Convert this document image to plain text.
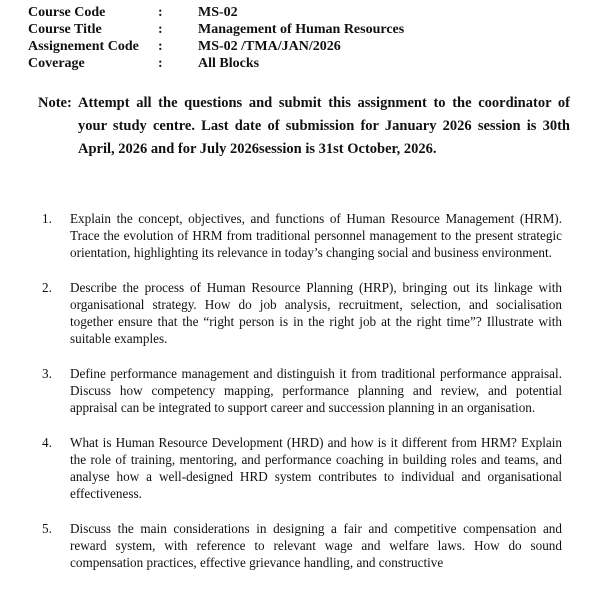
Course Code	:	MS-02
Course Title	:	Management of Human Resources
Assignement Code	:	MS-02 /TMA/JAN/2026
Coverage	:	All Blocks
Note: Attempt all the questions and submit this assignment to the coordinator of
your study centre. Last date of submission for January 2026 session is 30th April, 2026 and for July 2026session is 31st October, 2026.
1.	Explain the concept, objectives, and functions of Human Resource Management (HRM). Trace the evolution of HRM from traditional personnel management to the present strategic orientation, highlighting its relevance in today’s changing social and business environment.
2.	Describe the process of Human Resource Planning (HRP), bringing out its linkage with organisational strategy. How do job analysis, recruitment, selection, and socialisation together ensure that the “right person is in the right job at the right time”? Illustrate with suitable examples.
3.	Define performance management and distinguish it from traditional performance appraisal. Discuss how competency mapping, performance planning and review, and potential appraisal can be integrated to support career and succession planning in an organisation.
4.	What is Human Resource Development (HRD) and how is it different from HRM? Explain the role of training, mentoring, and performance coaching in building roles and teams, and analyse how a well-designed HRD system contributes to individual and organisational effectiveness.
5.	Discuss the main considerations in designing a fair and competitive compensation and reward system, with reference to relevant wage and welfare laws. How do sound compensation practices, effective grievance handling, and constructive
